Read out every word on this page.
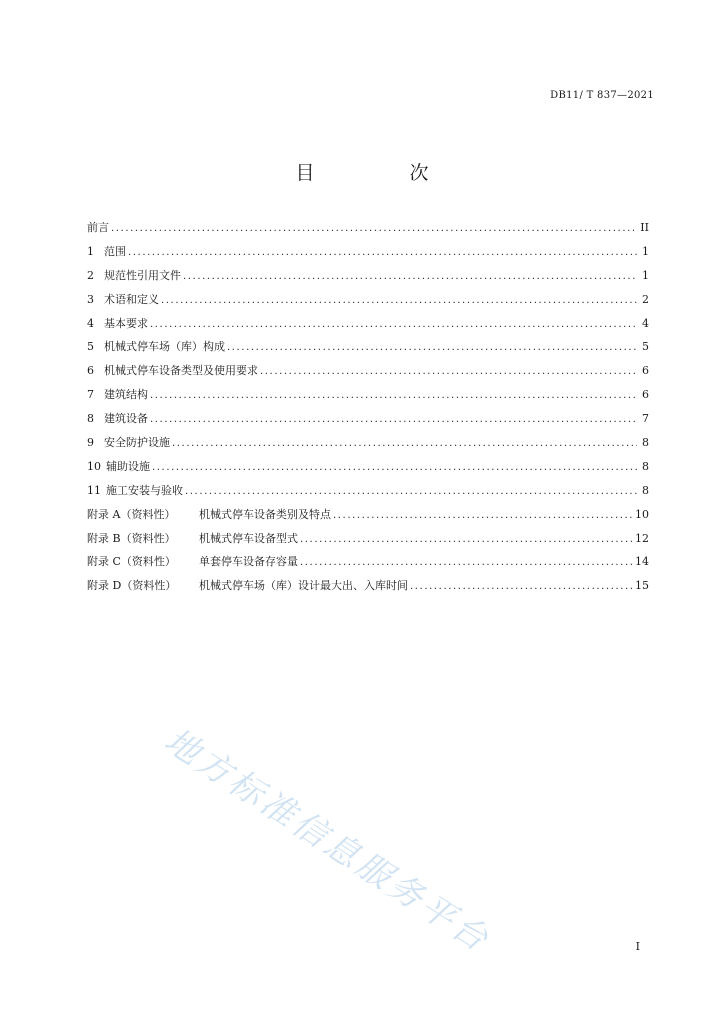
DB11/ T 837—2021
目　次
前言 .....	II
1 范围 .....	1
2 规范性引用文件 .....	1
3 术语和定义 .....	2
4 基本要求 .....	4
5 机械式停车场（库）构成 .....	5
6 机械式停车设备类型及使用要求 .....	6
7 建筑结构 .....	6
8 建筑设备 .....	7
9 安全防护设施 .....	8
10 辅助设施 .....	8
11 施工安装与验收 .....	8
附录 A（资料性）	机械式停车设备类别及特点 .....	10
附录 B（资料性）	机械式停车设备型式 .....	12
附录 C（资料性）	单套停车设备存容量 .....	14
附录 D（资料性）	机械式停车场（库）设计最大出、入库时间 .....	15
地方标准信息服务平台	I
